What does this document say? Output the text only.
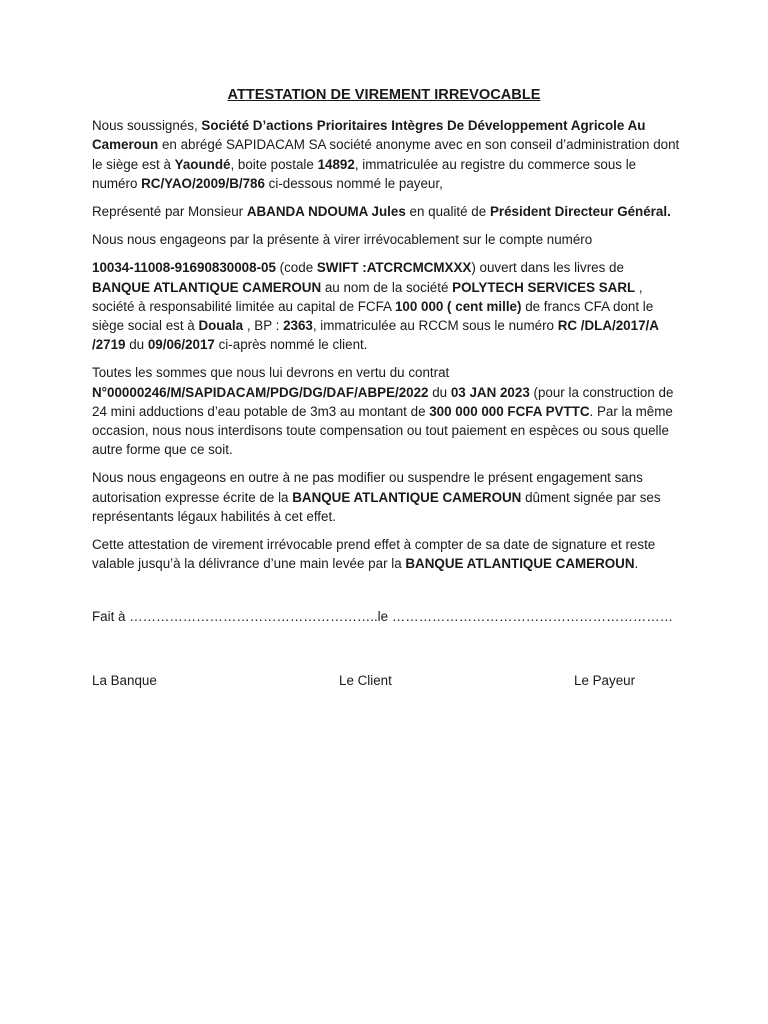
ATTESTATION DE VIREMENT IRREVOCABLE

Nous soussignés, Société D’actions Prioritaires Intègres De Développement Agricole Au Cameroun en abrégé SAPIDACAM SA société anonyme avec en son conseil d’administration dont le siège est à Yaoundé, boite postale 14892, immatriculée au registre du commerce sous le numéro RC/YAO/2009/B/786 ci-dessous nommé le payeur,

Représenté par Monsieur ABANDA NDOUMA Jules en qualité de Président Directeur Général.

Nous nous engageons par la présente à virer irrévocablement sur le compte numéro

10034-11008-91690830008-05 (code SWIFT :ATCRCMCMXXX) ouvert dans les livres de BANQUE ATLANTIQUE CAMEROUN au nom de la société POLYTECH SERVICES SARL , société à responsabilité limitée au capital de FCFA 100 000 ( cent mille) de francs CFA dont le siège social est à Douala , BP : 2363, immatriculée au RCCM sous le numéro RC /DLA/2017/A /2719 du 09/06/2017 ci-après nommé le client.

Toutes les sommes que nous lui devrons en vertu du contrat N°00000246/M/SAPIDACAM/PDG/DG/DAF/ABPE/2022 du 03 JAN 2023 (pour la construction de 24 mini adductions d’eau potable de 3m3 au montant de 300 000 000 FCFA PVTTC. Par la même occasion, nous nous interdisons toute compensation ou tout paiement en espèces ou sous quelle autre forme que ce soit.

Nous nous engageons en outre à ne pas modifier ou suspendre le présent engagement sans autorisation expresse écrite de la BANQUE ATLANTIQUE CAMEROUN dûment signée par ses représentants légaux habilités à cet effet.

Cette attestation de virement irrévocable prend effet à compter de sa date de signature et reste valable jusqu’à la délivrance d’une main levée par la BANQUE ATLANTIQUE CAMEROUN.

Fait à ………………………………………………..le ………………………………………………………
La Banque	Le Client	Le Payeur
